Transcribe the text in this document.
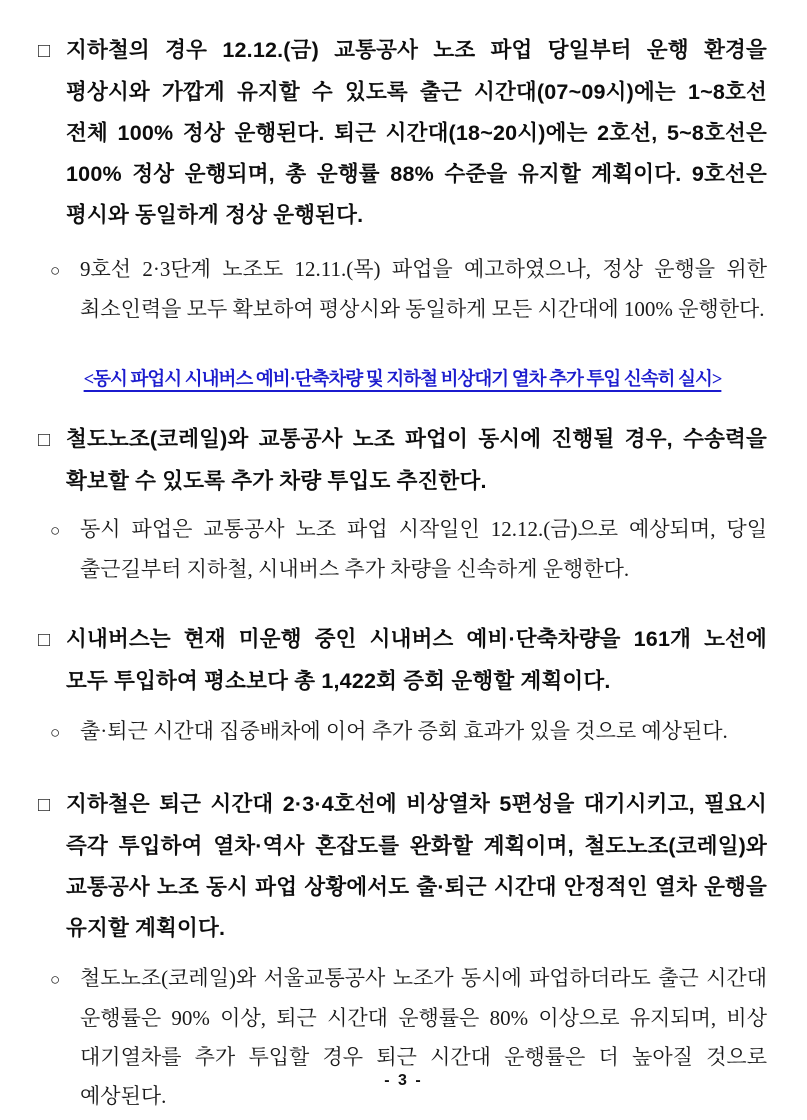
□ 지하철의 경우 12.12.(금) 교통공사 노조 파업 당일부터 운행 환경을 평상시와 가깝게 유지할 수 있도록 출근 시간대(07~09시)에는 1~8호선 전체 100% 정상 운행된다. 퇴근 시간대(18~20시)에는 2호선, 5~8호선은 100% 정상 운행되며, 총 운행률 88% 수준을 유지할 계획이다. 9호선은 평시와 동일하게 정상 운행된다.

○ 9호선 2·3단계 노조도 12.11.(목) 파업을 예고하였으나, 정상 운행을 위한 최소인력을 모두 확보하여 평상시와 동일하게 모든 시간대에 100% 운행한다.

<동시 파업시 시내버스 예비·단축차량 및 지하철 비상대기 열차 추가 투입 신속히 실시>

□ 철도노조(코레일)와 교통공사 노조 파업이 동시에 진행될 경우, 수송력을 확보할 수 있도록 추가 차량 투입도 추진한다.

○ 동시 파업은 교통공사 노조 파업 시작일인 12.12.(금)으로 예상되며, 당일 출근길부터 지하철, 시내버스 추가 차량을 신속하게 운행한다.

□ 시내버스는 현재 미운행 중인 시내버스 예비·단축차량을 161개 노선에 모두 투입하여 평소보다 총 1,422회 증회 운행할 계획이다.

○ 출·퇴근 시간대 집중배차에 이어 추가 증회 효과가 있을 것으로 예상된다.

□ 지하철은 퇴근 시간대 2·3·4호선에 비상열차 5편성을 대기시키고, 필요시 즉각 투입하여 열차·역사 혼잡도를 완화할 계획이며, 철도노조(코레일)와 교통공사 노조 동시 파업 상황에서도 출·퇴근 시간대 안정적인 열차 운행을 유지할 계획이다.

○ 철도노조(코레일)와 서울교통공사 노조가 동시에 파업하더라도 출근 시간대 운행률은 90% 이상, 퇴근 시간대 운행률은 80% 이상으로 유지되며, 비상 대기열차를 추가 투입할 경우 퇴근 시간대 운행률은 더 높아질 것으로 예상된다.

- 3 -
